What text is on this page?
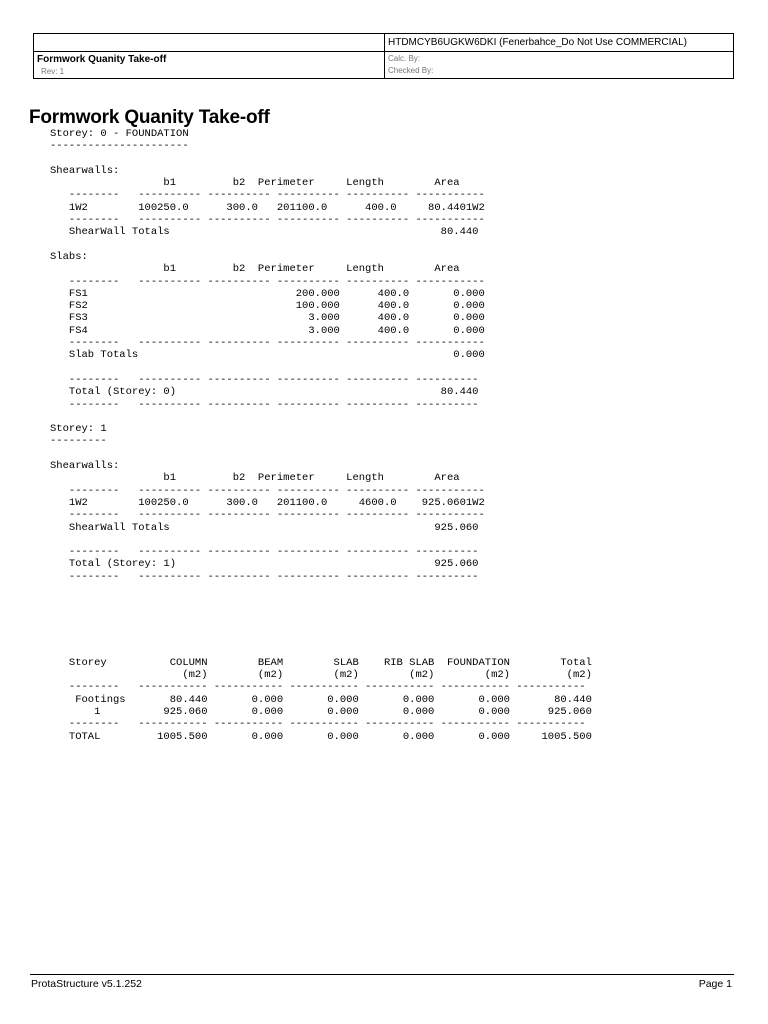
HTDMCYB6UGKW6DKI (Fenerbahce_Do Not Use COMMERCIAL)
Formwork Quanity Take-off
Rev: 1
Calc. By:
Checked By:
Formwork Quanity Take-off
Storey: 0 - FOUNDATION
----------------------

Shearwalls:
b1         b2  Perimeter     Length        Area
--------   ---------- ---------- ---------- ---------- -----------
1W2        100250.0      300.0   201100.0      400.0     80.4401W2
--------   ---------- ---------- ---------- ---------- -----------
ShearWall Totals                                           80.440

Slabs:
b1         b2  Perimeter     Length        Area
--------   ---------- ---------- ---------- ---------- -----------
FS1                                 200.000      400.0       0.000
FS2                                 100.000      400.0       0.000
FS3                                   3.000      400.0       0.000
FS4                                   3.000      400.0       0.000
--------   ---------- ---------- ---------- ---------- -----------
Slab Totals                                                  0.000

--------   ---------- ---------- ---------- ---------- ----------
Total (Storey: 0)                                          80.440
--------   ---------- ---------- ---------- ---------- ----------

Storey: 1
---------

Shearwalls:
b1         b2  Perimeter     Length        Area
--------   ---------- ---------- ---------- ---------- -----------
1W2        100250.0      300.0   201100.0     4600.0    925.0601W2
--------   ---------- ---------- ---------- ---------- -----------
ShearWall Totals                                          925.060

--------   ---------- ---------- ---------- ---------- ----------
Total (Storey: 1)                                         925.060
--------   ---------- ---------- ---------- ---------- ----------

Storey          COLUMN        BEAM        SLAB    RIB SLAB  FOUNDATION        Total
(m2)        (m2)        (m2)        (m2)        (m2)         (m2)
--------   ----------- ----------- ----------- ----------- ----------- -----------
Footings       80.440       0.000       0.000       0.000       0.000       80.440
1          925.060       0.000       0.000       0.000       0.000      925.060
--------   ----------- ----------- ----------- ----------- ----------- -----------
TOTAL         1005.500       0.000       0.000       0.000       0.000     1005.500
ProtaStructure v5.1.252	Page 1
